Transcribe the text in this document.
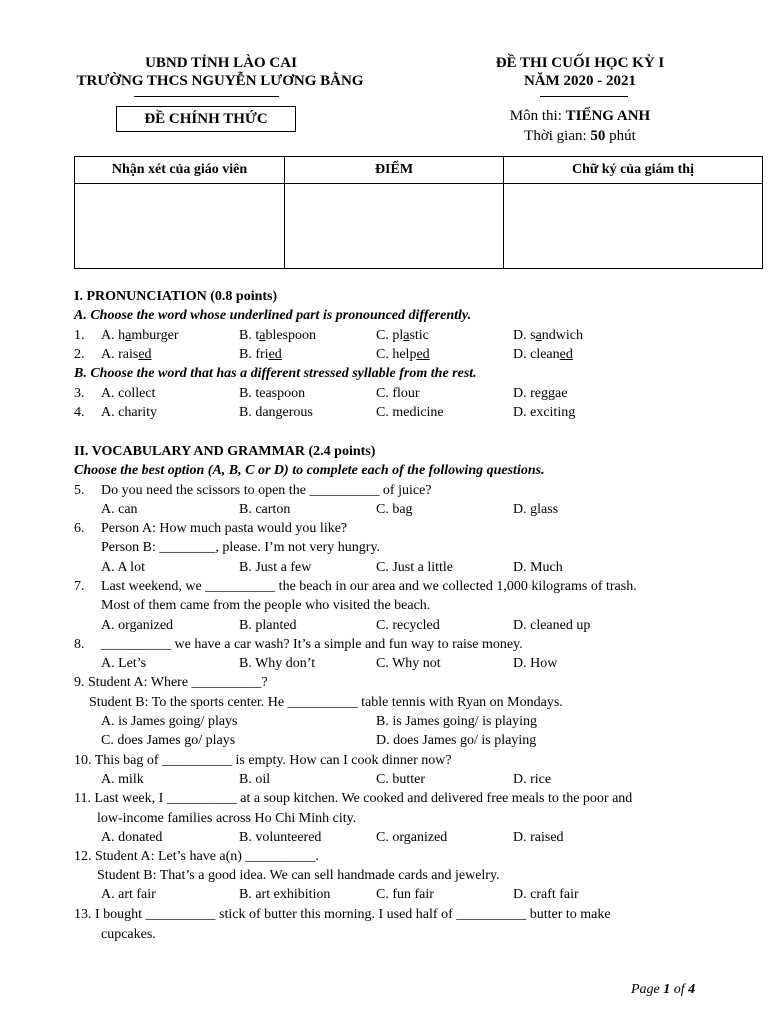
UBND TỈNH LÀO CAI
TRƯỜNG THCS NGUYỄN LƯƠNG BẰNG
ĐỀ CHÍNH THỨC
ĐỀ THI CUỐI HỌC KỲ I
NĂM 2020 - 2021
Môn thi: TIẾNG ANH
Thời gian: 50 phút
Nhận xét của giáo viên	ĐIỂM	Chữ ký của giám thị

I. PRONUNCIATION (0.8 points)
A. Choose the word whose underlined part is pronounced differently.
1. A. hamburger	B. tablespoon	C. plastic	D. sandwich
2. A. raised	B. fried	C. helped	D. cleaned
B. Choose the word that has a different stressed syllable from the rest.
3. A. collect	B. teaspoon	C. flour	D. reggae
4. A. charity	B. dangerous	C. medicine	D. exciting
II. VOCABULARY AND GRAMMAR (2.4 points)
Choose the best option (A, B, C or D) to complete each of the following questions.
5. Do you need the scissors to open the __________ of juice?
A. can	B. carton	C. bag	D. glass
6. Person A: How much pasta would you like?
Person B: ________, please. I’m not very hungry.
A. A lot	B. Just a few	C. Just a little	D. Much
7. Last weekend, we __________ the beach in our area and we collected 1,000 kilograms of trash.
Most of them came from the people who visited the beach.
A. organized	B. planted	C. recycled	D. cleaned up
8. __________ we have a car wash? It’s a simple and fun way to raise money.
A. Let’s	B. Why don’t	C. Why not	D. How
9. Student A: Where __________?
Student B: To the sports center. He __________ table tennis with Ryan on Mondays.
A. is James going/ plays	B. is James going/ is playing
C. does James go/ plays	D. does James go/ is playing
10. This bag of __________ is empty. How can I cook dinner now?
A. milk	B. oil	C. butter	D. rice
11. Last week, I __________ at a soup kitchen. We cooked and delivered free meals to the poor and
low-income families across Ho Chi Minh city.
A. donated	B. volunteered	C. organized	D. raised
12. Student A: Let’s have a(n) __________.
Student B: That’s a good idea. We can sell handmade cards and jewelry.
A. art fair	B. art exhibition	C. fun fair	D. craft fair
13. I bought __________ stick of butter this morning. I used half of __________ butter to make
cupcakes.
Page 1 of 4
